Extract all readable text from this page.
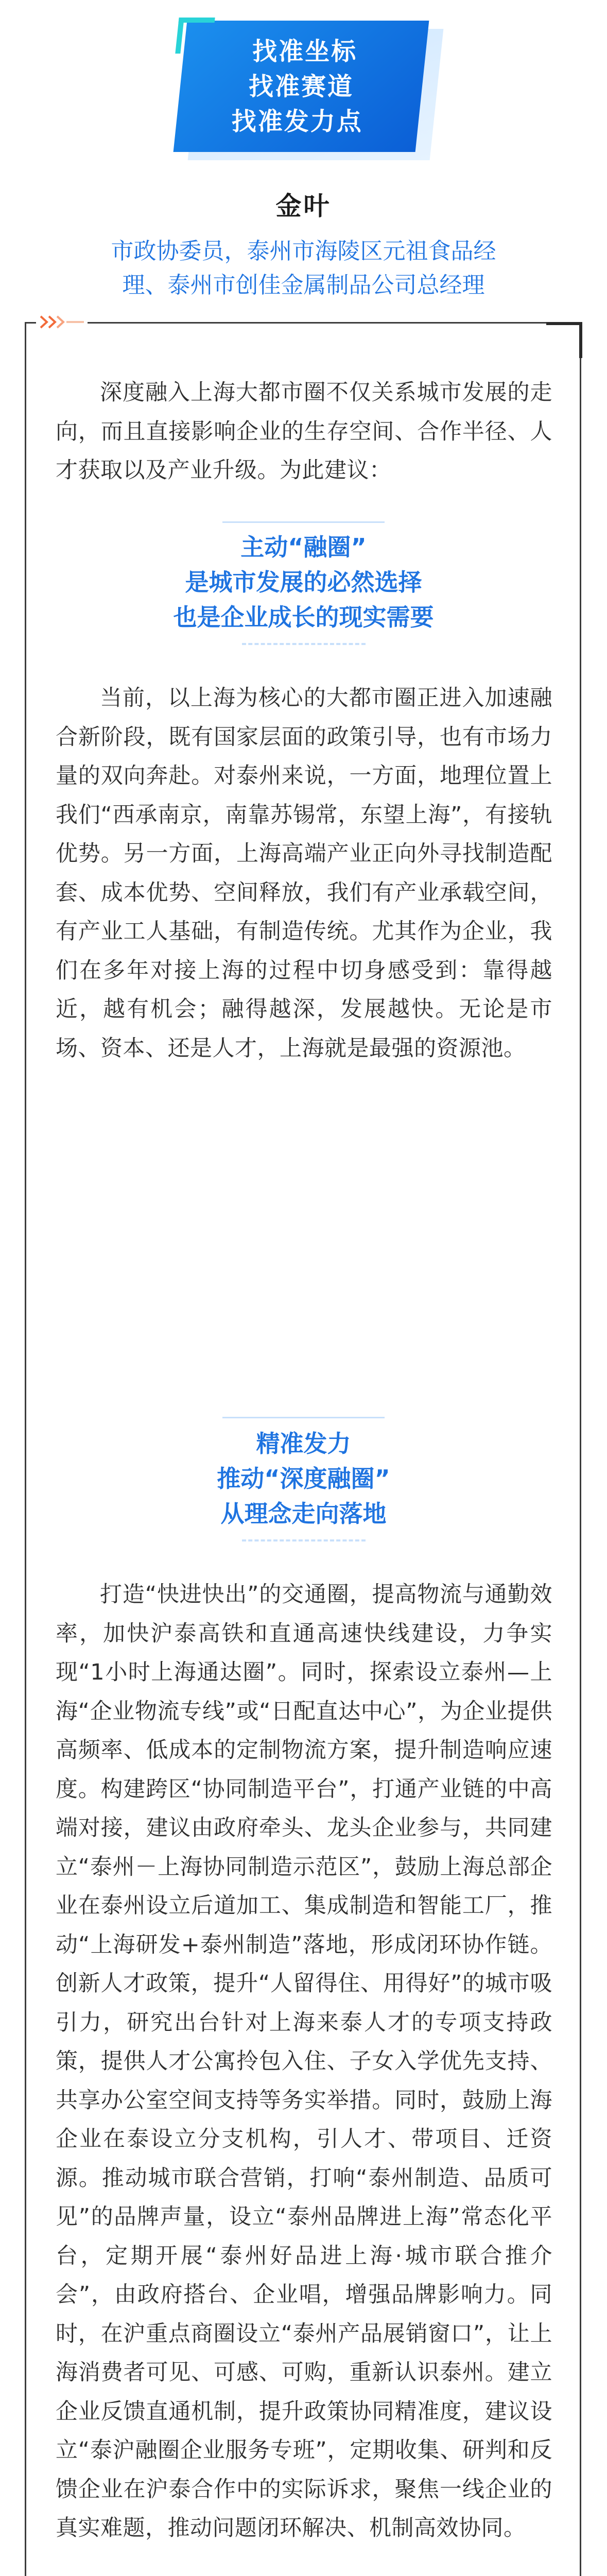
找准坐标
找准赛道
找准发力点
金叶
市政协委员，泰州市海陵区元祖食品经
理、泰州市创佳金属制品公司总经理
深度融入上海大都市圈不仅关系城市发展的走向，而且直接影响企业的生存空间、合作半径、人才获取以及产业升级。为此建议：
主动“融圈”
是城市发展的必然选择
也是企业成长的现实需要
当前，以上海为核心的大都市圈正进入加速融合新阶段，既有国家层面的政策引导，也有市场力量的双向奔赴。对泰州来说，一方面，地理位置上我们“西承南京，南靠苏锡常，东望上海”，有接轨优势。另一方面，上海高端产业正向外寻找制造配套、成本优势、空间释放，我们有产业承载空间，有产业工人基础，有制造传统。尤其作为企业，我们在多年对接上海的过程中切身感受到：靠得越近，越有机会；融得越深，发展越快。无论是市场、资本、还是人才，上海就是最强的资源池。
精准发力
推动“深度融圈”
从理念走向落地
打造“快进快出”的交通圈，提高物流与通勤效率，加快沪泰高铁和直通高速快线建设，力争实现“1小时上海通达圈”。同时，探索设立泰州—上海“企业物流专线”或“日配直达中心”，为企业提供高频率、低成本的定制物流方案，提升制造响应速度。构建跨区“协同制造平台”，打通产业链的中高端对接，建议由政府牵头、龙头企业参与，共同建立“泰州－上海协同制造示范区”，鼓励上海总部企业在泰州设立后道加工、集成制造和智能工厂，推动“上海研发+泰州制造”落地，形成闭环协作链。创新人才政策，提升“人留得住、用得好”的城市吸引力，研究出台针对上海来泰人才的专项支持政策，提供人才公寓拎包入住、子女入学优先支持、共享办公室空间支持等务实举措。同时，鼓励上海企业在泰设立分支机构，引人才、带项目、迁资源。推动城市联合营销，打响“泰州制造、品质可见”的品牌声量，设立“泰州品牌进上海”常态化平台，定期开展“泰州好品进上海·城市联合推介会”，由政府搭台、企业唱，增强品牌影响力。同时，在沪重点商圈设立“泰州产品展销窗口”，让上海消费者可见、可感、可购，重新认识泰州。建立企业反馈直通机制，提升政策协同精准度，建议设立“泰沪融圈企业服务专班”，定期收集、研判和反馈企业在沪泰合作中的实际诉求，聚焦一线企业的真实难题，推动问题闭环解决、机制高效协同。
